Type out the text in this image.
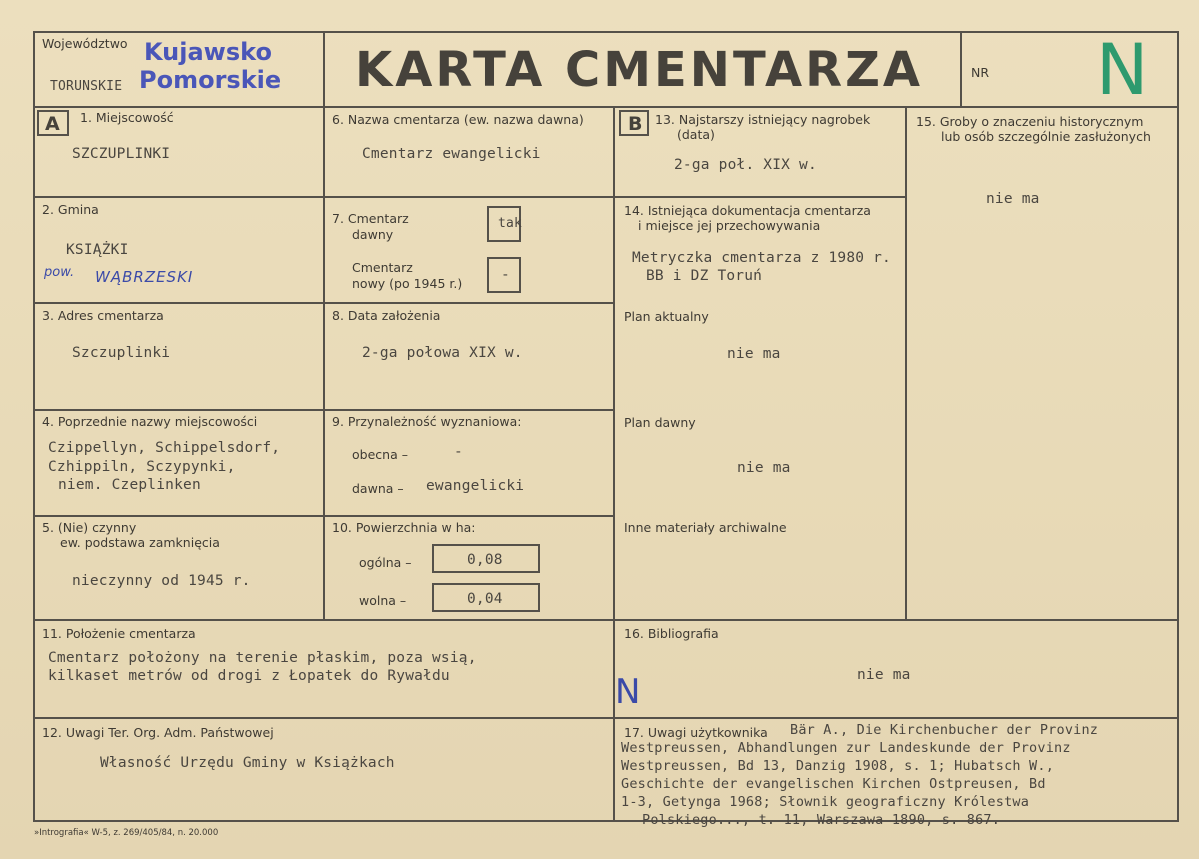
Województwo
TORUNSKIE
Kujawsko
Pomorskie KARTA CMENTARZA	NR N
A	B
1. Miejscowość
SZCZUPLINKI
2. Gmina
KSIĄŻKI
pow. WĄBRZESKI
3. Adres cmentarza
Szczuplinki
4. Poprzednie nazwy miejscowości
Czippellyn, Schippelsdorf,
Czhippiln, Sczypynki,
niem. Czeplinken
5. (Nie) czynny
ew. podstawa zamknięcia
nieczynny od 1945 r.
6. Nazwa cmentarza (ew. nazwa dawna)
Cmentarz ewangelicki
7. Cmentarz
dawny
tak
Cmentarz
nowy (po 1945 r.)
-
8. Data założenia
2-ga połowa XIX w.
9. Przynależność wyznaniowa:
obecna –	-
dawna – ewangelicki
10. Powierzchnia w ha:
ogólna –	0,08
wolna –	0,04
13. Najstarszy istniejący nagrobek
(data)
2-ga poł. XIX w.
14. Istniejąca dokumentacja cmentarza
i miejsce jej przechowywania
Metryczka cmentarza z 1980 r.
BB i DZ Toruń
Plan aktualny
nie ma
Plan dawny
nie ma
Inne materiały archiwalne
15. Groby o znaczeniu historycznym
lub osób szczególnie zasłużonych
nie ma
11. Położenie cmentarza
Cmentarz położony na terenie płaskim, poza wsią,
kilkaset metrów od drogi z Łopatek do Rywałdu
16. Bibliografia
nie ma
N
12. Uwagi Ter. Org. Adm. Państwowej
Własność Urzędu Gminy w Książkach
17. Uwagi użytkownika Bär A., Die Kirchenbucher der Provinz
Westpreussen, Abhandlungen zur Landeskunde der Provinz
Westpreussen, Bd 13, Danzig 1908, s. 1; Hubatsch W.,
Geschichte der evangelischen Kirchen Ostpreusen, Bd
1-3, Getynga 1968; Słownik geograficzny Królestwa
Polskiego..., t. 11, Warszawa 1890, s. 867.
»Intrografia« W-5, z. 269/405/84, n. 20.000
